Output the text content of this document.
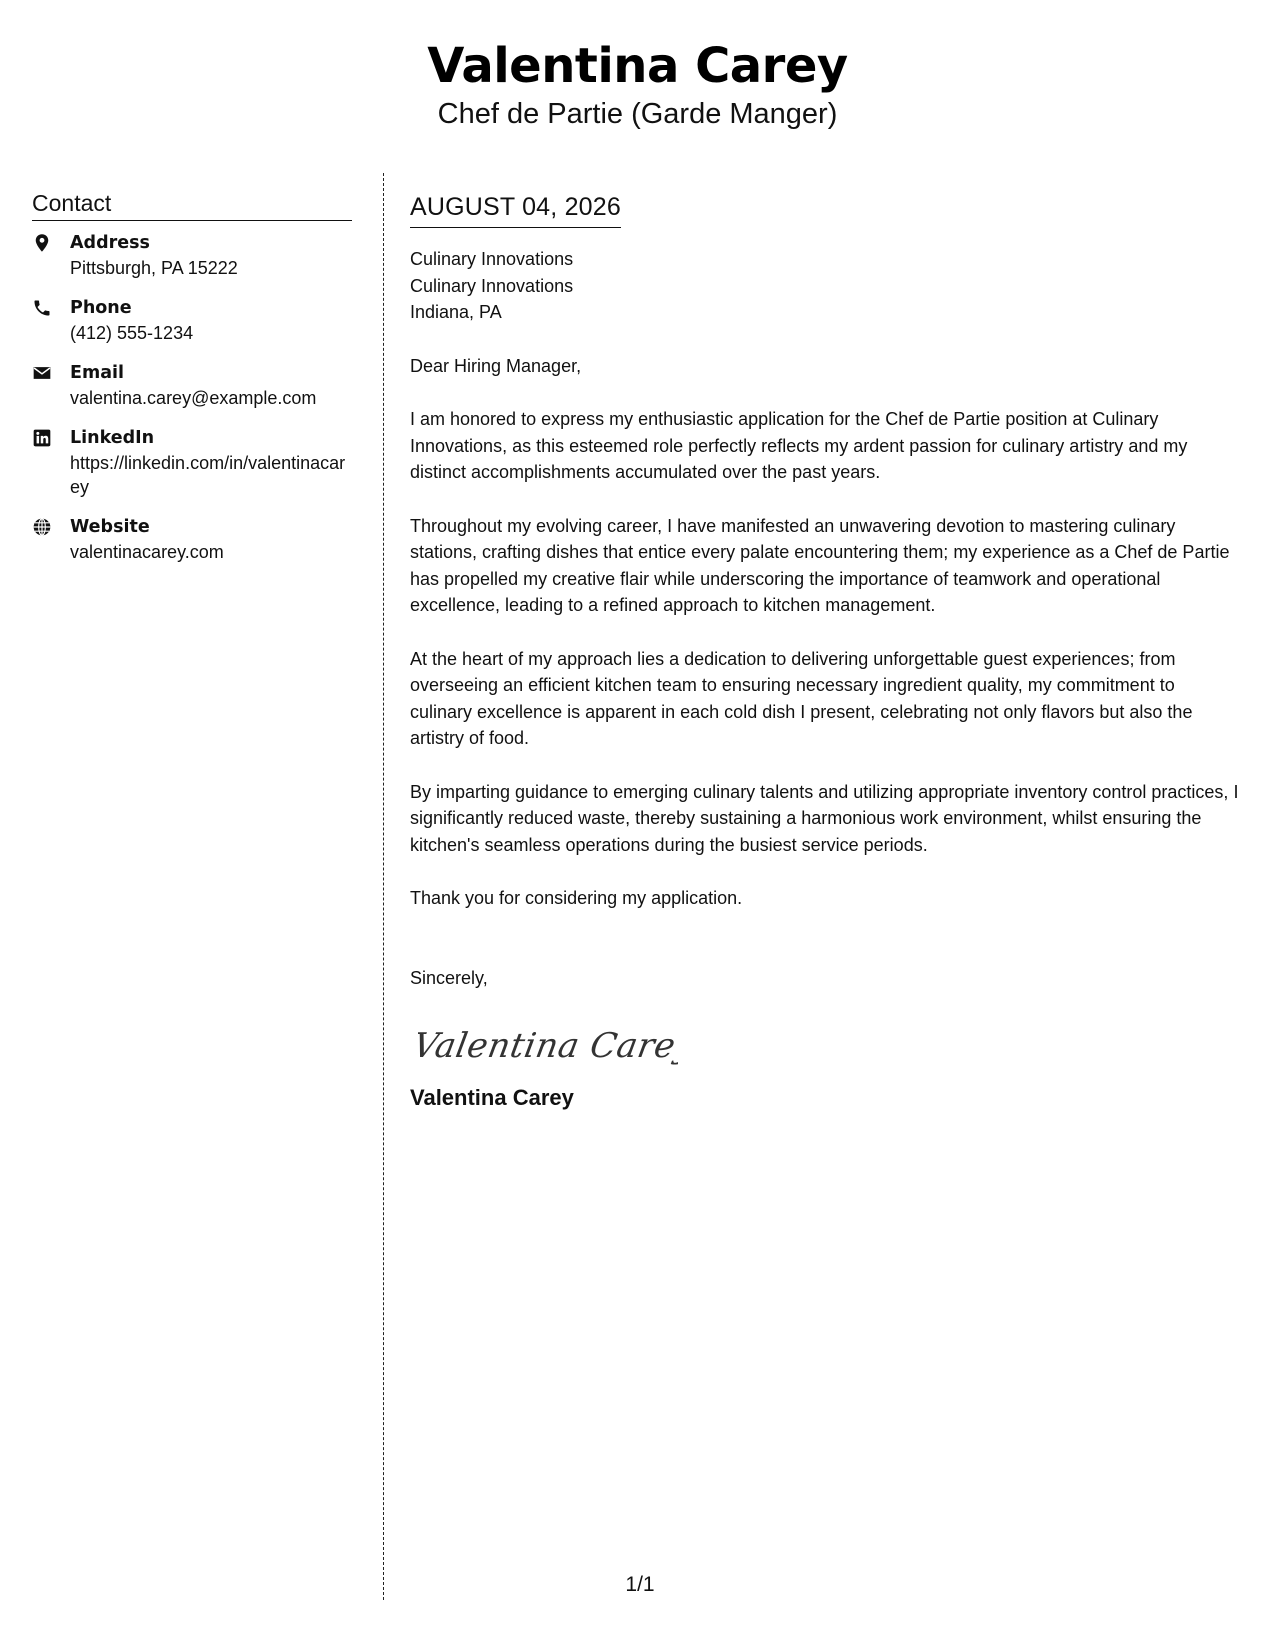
Valentina Carey
Chef de Partie (Garde Manger)
Contact
Address
Pittsburgh, PA 15222
Phone
(412) 555-1234
Email
valentina.carey@example.com
LinkedIn
https://linkedin.com/in/valentinacarey
Website
valentinacarey.com
AUGUST 04, 2026
Culinary Innovations
Culinary Innovations
Indiana, PA
Dear Hiring Manager,
I am honored to express my enthusiastic application for the Chef de Partie position at Culinary Innovations, as this esteemed role perfectly reflects my ardent passion for culinary artistry and my distinct accomplishments accumulated over the past years.
Throughout my evolving career, I have manifested an unwavering devotion to mastering culinary stations, crafting dishes that entice every palate encountering them; my experience as a Chef de Partie has propelled my creative flair while underscoring the importance of teamwork and operational excellence, leading to a refined approach to kitchen management.
At the heart of my approach lies a dedication to delivering unforgettable guest experiences; from overseeing an efficient kitchen team to ensuring necessary ingredient quality, my commitment to culinary excellence is apparent in each cold dish I present, celebrating not only flavors but also the artistry of food.
By imparting guidance to emerging culinary talents and utilizing appropriate inventory control practices, I significantly reduced waste, thereby sustaining a harmonious work environment, whilst ensuring the kitchen's seamless operations during the busiest service periods.
Thank you for considering my application.
Sincerely,
Valentina Carey
Valentina Carey
1/1
